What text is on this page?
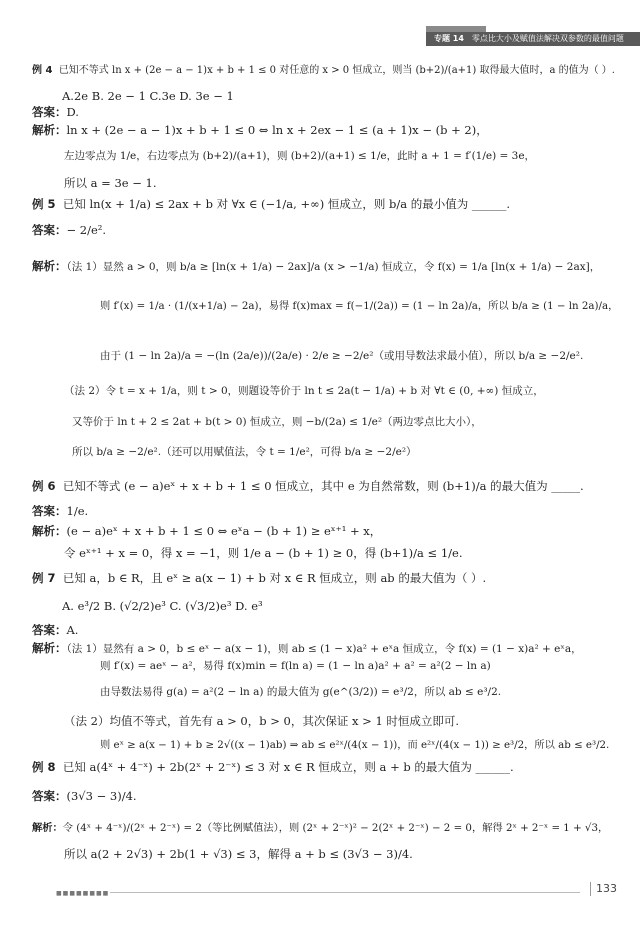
专题 14 零点比大小及赋值法解决双参数的最值问题
例 4 已知不等式 ln x + (2e − a − 1)x + b + 1 ≤ 0 对任意的 x > 0 恒成立，则当 (b+2)/(a+1) 取得最大值时，a 的值为（ ）.
A.2e B. 2e − 1 C.3e D. 3e − 1
答案：D.
解析：ln x + (2e − a − 1)x + b + 1 ≤ 0 ⇔ ln x + 2ex − 1 ≤ (a + 1)x − (b + 2)，
左边零点为 1/e，右边零点为 (b+2)/(a+1)，则 (b+2)/(a+1) ≤ 1/e，此时 a + 1 = f′(1/e) = 3e，
所以 a = 3e − 1.
例 5 已知 ln(x + 1/a) ≤ 2ax + b 对 ∀x ∈ (−1/a, +∞) 恒成立，则 b/a 的最小值为 ______.
答案：− 2/e².
解析：（法 1）显然 a > 0，则 b/a ≥ [ln(x + 1/a) − 2ax]/a (x > −1/a) 恒成立，令 f(x) = 1/a [ln(x + 1/a) − 2ax]，
则 f′(x) = 1/a · (1/(x+1/a) − 2a)，易得 f(x)max = f(−1/(2a)) = (1 − ln 2a)/a，所以 b/a ≥ (1 − ln 2a)/a，
由于 (1 − ln 2a)/a = −(ln (2a/e))/(2a/e) · 2/e ≥ −2/e²（或用导数法求最小值），所以 b/a ≥ −2/e².
（法 2）令 t = x + 1/a，则 t > 0，则题设等价于 ln t ≤ 2a(t − 1/a) + b 对 ∀t ∈ (0, +∞) 恒成立，
又等价于 ln t + 2 ≤ 2at + b(t > 0) 恒成立，则 −b/(2a) ≤ 1/e²（两边零点比大小），
所以 b/a ≥ −2/e².（还可以用赋值法，令 t = 1/e²，可得 b/a ≥ −2/e²）
例 6 已知不等式 (e − a)eˣ + x + b + 1 ≤ 0 恒成立，其中 e 为自然常数，则 (b+1)/a 的最大值为 _____.
答案：1/e.
解析：(e − a)eˣ + x + b + 1 ≤ 0 ⇔ eˣa − (b + 1) ≥ eˣ⁺¹ + x，
令 eˣ⁺¹ + x = 0，得 x = −1，则 1/e a − (b + 1) ≥ 0，得 (b+1)/a ≤ 1/e.
例 7 已知 a，b ∈ R，且 eˣ ≥ a(x − 1) + b 对 x ∈ R 恒成立，则 ab 的最大值为（ ）.
A. e³/2 B. (√2/2)e³ C. (√3/2)e³ D. e³
答案：A.
解析：（法 1）显然有 a > 0，b ≤ eˣ − a(x − 1)，则 ab ≤ (1 − x)a² + eˣa 恒成立，令 f(x) = (1 − x)a² + eˣa，
则 f′(x) = aeˣ − a²，易得 f(x)min = f(ln a) = (1 − ln a)a² + a² = a²(2 − ln a)
由导数法易得 g(a) = a²(2 − ln a) 的最大值为 g(e^(3/2)) = e³/2，所以 ab ≤ e³/2.
（法 2）均值不等式，首先有 a > 0，b > 0，其次保证 x > 1 时恒成立即可.
则 eˣ ≥ a(x − 1) + b ≥ 2√((x − 1)ab) ⇒ ab ≤ e²ˣ/(4(x − 1))，而 e²ˣ/(4(x − 1)) ≥ e³/2，所以 ab ≤ e³/2.
例 8 已知 a(4ˣ + 4⁻ˣ) + 2b(2ˣ + 2⁻ˣ) ≤ 3 对 x ∈ R 恒成立，则 a + b 的最大值为 ______.
答案：(3√3 − 3)/4.
解析：令 (4ˣ + 4⁻ˣ)/(2ˣ + 2⁻ˣ) = 2（等比例赋值法），则 (2ˣ + 2⁻ˣ)² − 2(2ˣ + 2⁻ˣ) − 2 = 0，解得 2ˣ + 2⁻ˣ = 1 + √3，
所以 a(2 + 2√3) + 2b(1 + √3) ≤ 3，解得 a + b ≤ (3√3 − 3)/4.
■■■■■■■■	133
